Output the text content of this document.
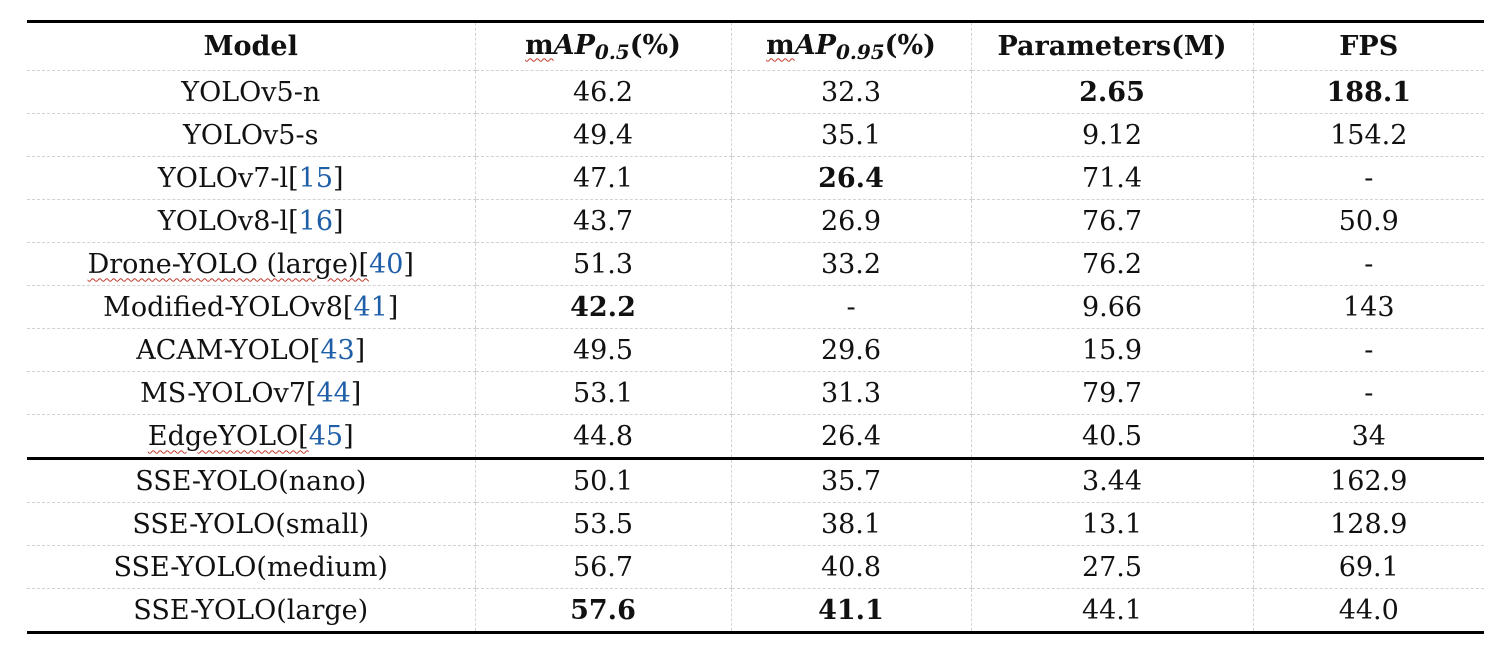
Model	mAP0.5(%)	mAP0.95(%)	Parameters(M)	FPS
YOLOv5-n	46.2	32.3	2.65	188.1
YOLOv5-s	49.4	35.1	9.12	154.2
YOLOv7-l[15]	47.1	26.4	71.4	-
YOLOv8-l[16]	43.7	26.9	76.7	50.9
Drone-YOLO (large)[40]	51.3	33.2	76.2	-
Modified-YOLOv8[41]	42.2	-	9.66	143
ACAM-YOLO[43]	49.5	29.6	15.9	-
MS-YOLOv7[44]	53.1	31.3	79.7	-
EdgeYOLO[45]	44.8	26.4	40.5	34
SSE-YOLO(nano)	50.1	35.7	3.44	162.9
SSE-YOLO(small)	53.5	38.1	13.1	128.9
SSE-YOLO(medium)	56.7	40.8	27.5	69.1
SSE-YOLO(large)	57.6	41.1	44.1	44.0
